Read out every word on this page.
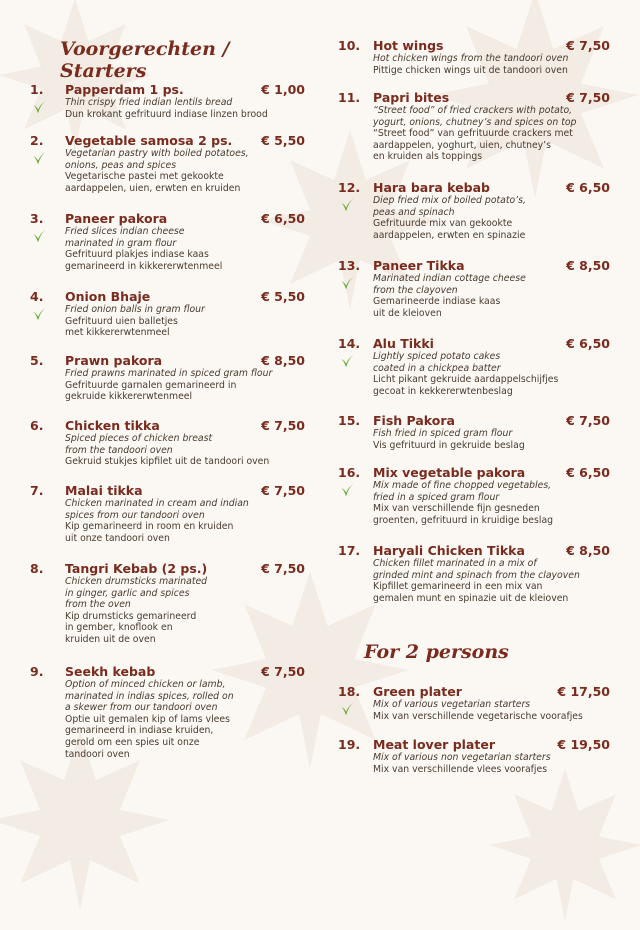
Voorgerechten / Starters
1. Papperdam 1 ps.	€ 1,00
Thin crispy fried indian lentils bread
Dun krokant gefrituurd indiase linzen brood
2. Vegetable samosa 2 ps. € 5,50
Vegetarian pastry with boiled potatoes,
onions, peas and spices
Vegetarische pastei met gekookte
aardappelen, uien, erwten en kruiden
3. Paneer pakora	€ 6,50
Fried slices indian cheese
marinated in gram flour
Gefrituurd plakjes indiase kaas
gemarineerd in kikkererwtenmeel
4. Onion Bhaje	€ 5,50
Fried onion balls in gram flour
Gefrituurd uien balletjes
met kikkererwtenmeel
5. Prawn pakora	€ 8,50
Fried prawns marinated in spiced gram flour
Gefrituurde garnalen gemarineerd in
gekruide kikkererwtenmeel
6. Chicken tikka	€ 7,50
Spiced pieces of chicken breast
from the tandoori oven
Gekruid stukjes kipfilet uit de tandoori oven
7. Malai tikka	€ 7,50
Chicken marinated in cream and indian
spices from our tandoori oven
Kip gemarineerd in room en kruiden
uit onze tandoori oven
8. Tangri Kebab (2 ps.)	€ 7,50
Chicken drumsticks marinated
in ginger, garlic and spices
from the oven
Kip drumsticks gemarineerd
in gember, knoflook en
kruiden uit de oven
9. Seekh kebab	€ 7,50
Option of minced chicken or lamb,
marinated in indias spices, rolled on
a skewer from our tandoori oven
Optie uit gemalen kip of lams vlees
gemarineerd in indiase kruiden,
gerold om een spies uit onze
tandoori oven
For 2 persons
10. Hot wings	€ 7,50
Hot chicken wings from the tandoori oven
Pittige chicken wings uit de tandoori oven
11. Papri bites	€ 7,50
“Street food” of fried crackers with potato,
yogurt, onions, chutney’s and spices on top
“Street food” van gefrituurde crackers met
aardappelen, yoghurt, uien, chutney’s
en kruiden als toppings
12. Hara bara kebab	€ 6,50
Diep fried mix of boiled potato’s,
peas and spinach
Gefrituurde mix van gekookte
aardappelen, erwten en spinazie
13. Paneer Tikka	€ 8,50
Marinated indian cottage cheese
from the clayoven
Gemarineerde indiase kaas
uit de kleioven
14. Alu Tikki	€ 6,50
Lightly spiced potato cakes
coated in a chickpea batter
Licht pikant gekruide aardappelschijfjes
gecoat in kekkererwtenbeslag
15. Fish Pakora	€ 7,50
Fish fried in spiced gram flour
Vis gefrituurd in gekruide beslag
16. Mix vegetable pakora	€ 6,50
Mix made of fine chopped vegetables,
fried in a spiced gram flour
Mix van verschillende fijn gesneden
groenten, gefrituurd in kruidige beslag
17. Haryali Chicken Tikka	€ 8,50
Chicken fillet marinated in a mix of
grinded mint and spinach from the clayoven
Kipfillet gemarineerd in een mix van
gemalen munt en spinazie uit de kleioven
18. Green plater	€ 17,50
Mix of various vegetarian starters
Mix van verschillende vegetarische voorafjes
19. Meat lover plater	€ 19,50
Mix of various non vegetarian starters
Mix van verschillende vlees voorafjes
